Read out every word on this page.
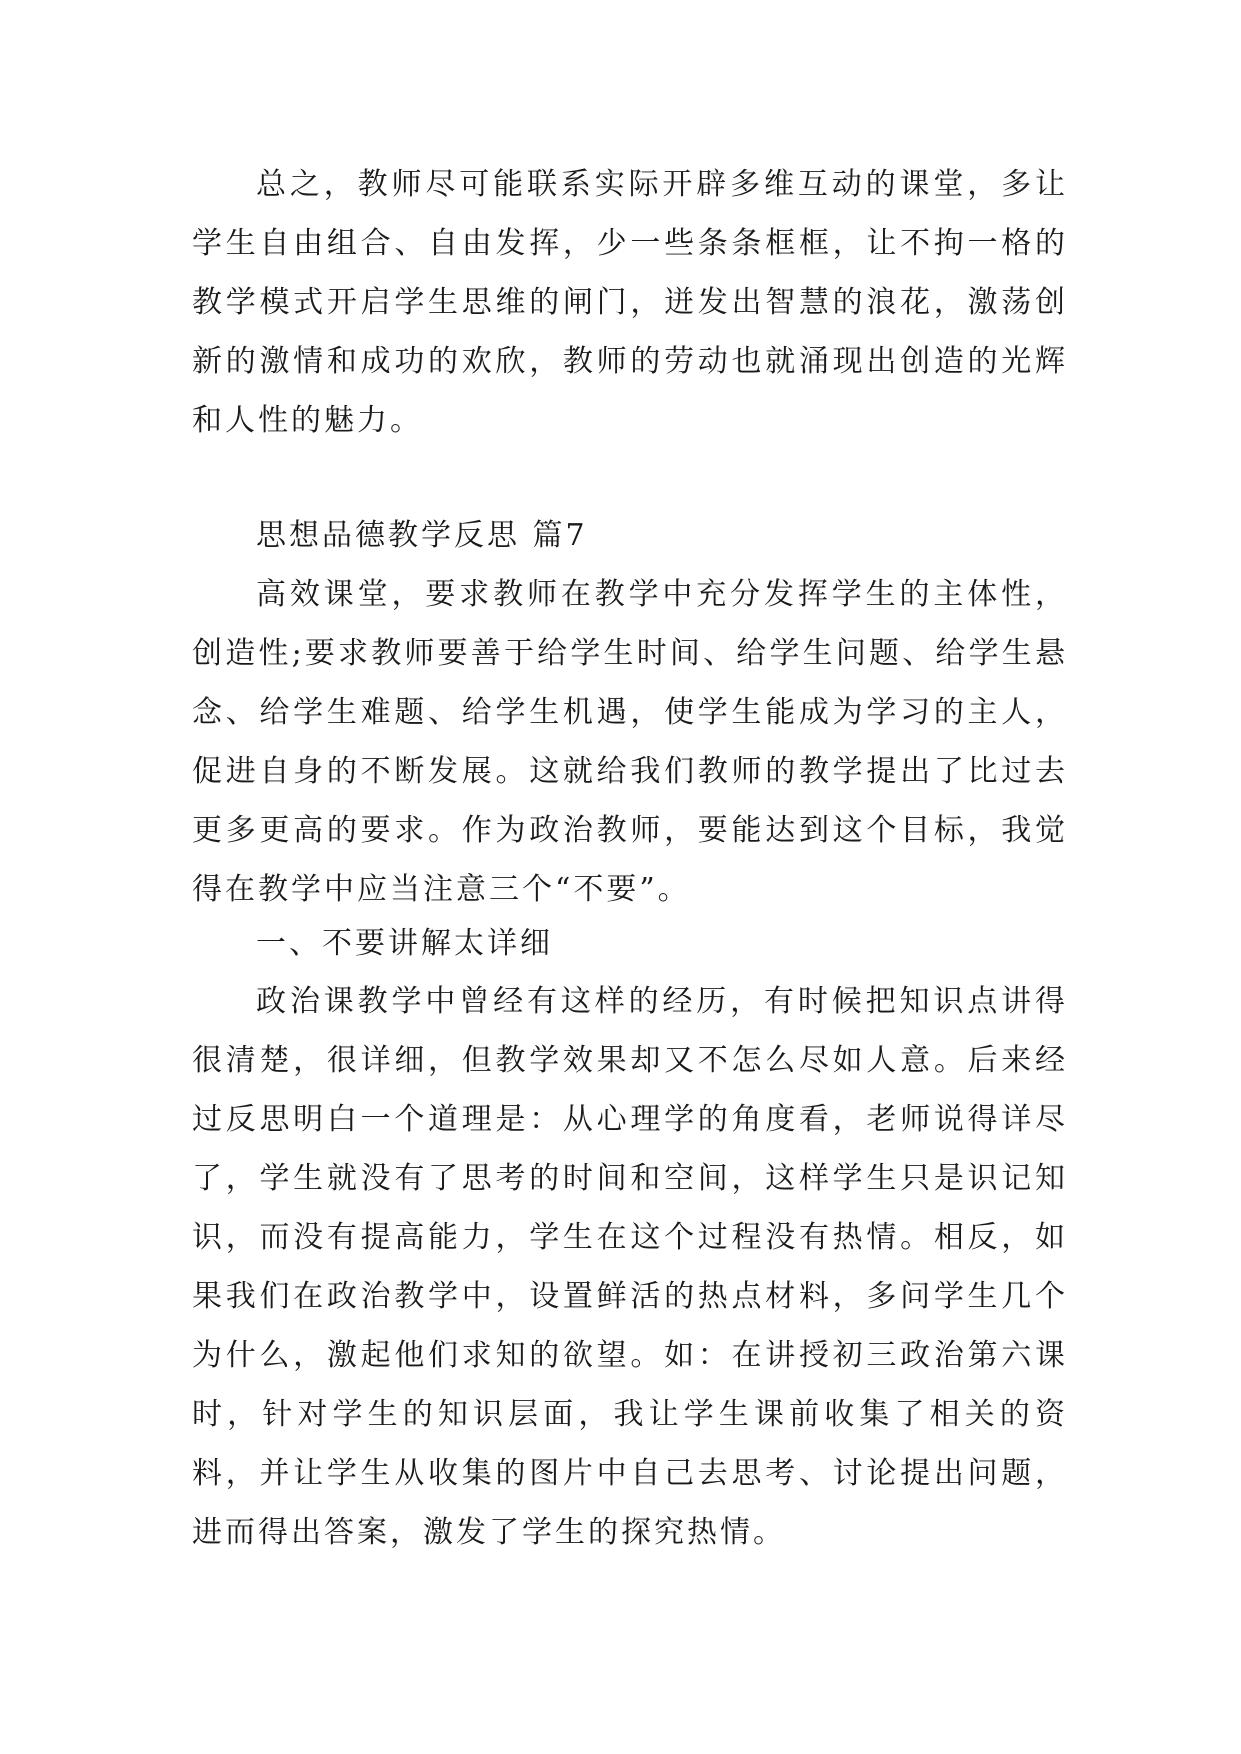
总之，教师尽可能联系实际开辟多维互动的课堂，多让学生自由组合、自由发挥，少一些条条框框，让不拘一格的教学模式开启学生思维的闸门，迸发出智慧的浪花，激荡创新的激情和成功的欢欣，教师的劳动也就涌现出创造的光辉和人性的魅力。

思想品德教学反思 篇7

高效课堂，要求教师在教学中充分发挥学生的主体性，创造性;要求教师要善于给学生时间、给学生问题、给学生悬念、给学生难题、给学生机遇，使学生能成为学习的主人，促进自身的不断发展。这就给我们教师的教学提出了比过去更多更高的要求。作为政治教师，要能达到这个目标，我觉得在教学中应当注意三个“不要”。

一、不要讲解太详细

政治课教学中曾经有这样的经历，有时候把知识点讲得很清楚，很详细，但教学效果却又不怎么尽如人意。后来经过反思明白一个道理是：从心理学的角度看，老师说得详尽了，学生就没有了思考的时间和空间，这样学生只是识记知识，而没有提高能力，学生在这个过程没有热情。相反，如果我们在政治教学中，设置鲜活的热点材料，多问学生几个为什么，激起他们求知的欲望。如：在讲授初三政治第六课时，针对学生的知识层面，我让学生课前收集了相关的资料，并让学生从收集的图片中自己去思考、讨论提出问题，进而得出答案，激发了学生的探究热情。
